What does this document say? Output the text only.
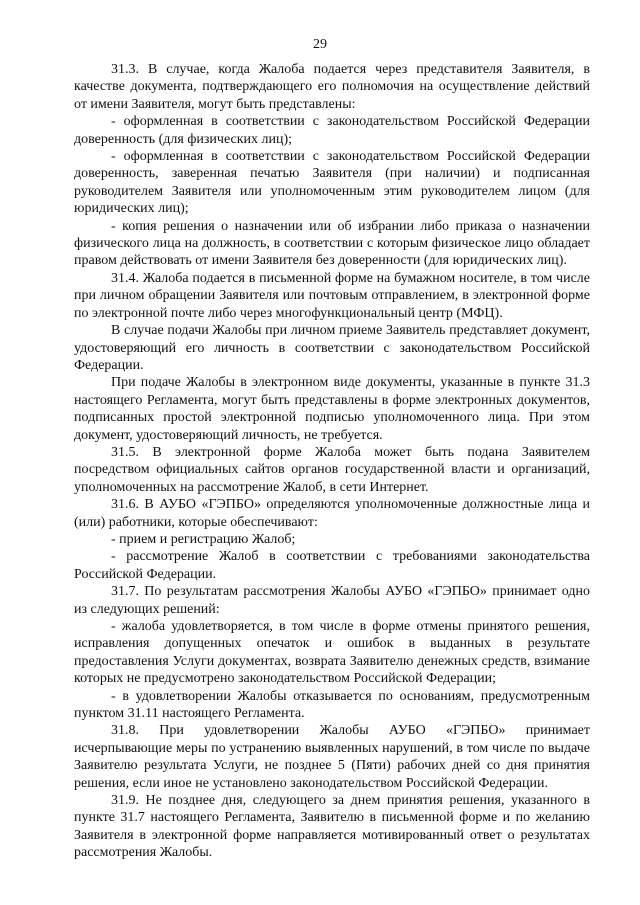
29

31.3. В случае, когда Жалоба подается через представителя Заявителя, в качестве документа, подтверждающего его полномочия на осуществление действий от имени Заявителя, могут быть представлены:

- оформленная в соответствии с законодательством Российской Федерации доверенность (для физических лиц);

- оформленная в соответствии с законодательством Российской Федерации доверенность, заверенная печатью Заявителя (при наличии) и подписанная руководителем Заявителя или уполномоченным этим руководителем лицом (для юридических лиц);

- копия решения о назначении или об избрании либо приказа о назначении физического лица на должность, в соответствии с которым физическое лицо обладает правом действовать от имени Заявителя без доверенности (для юридических лиц).

31.4. Жалоба подается в письменной форме на бумажном носителе, в том числе при личном обращении Заявителя или почтовым отправлением, в электронной форме по электронной почте либо через многофункциональный центр (МФЦ).

В случае подачи Жалобы при личном приеме Заявитель представляет документ, удостоверяющий его личность в соответствии с законодательством Российской Федерации.

При подаче Жалобы в электронном виде документы, указанные в пункте 31.3 настоящего Регламента, могут быть представлены в форме электронных документов, подписанных простой электронной подписью уполномоченного лица. При этом документ, удостоверяющий личность, не требуется.

31.5. В электронной форме Жалоба может быть подана Заявителем посредством официальных сайтов органов государственной власти и организаций, уполномоченных на рассмотрение Жалоб, в сети Интернет.

31.6. В АУБО «ГЭПБО» определяются уполномоченные должностные лица и (или) работники, которые обеспечивают:

- прием и регистрацию Жалоб;

- рассмотрение Жалоб в соответствии с требованиями законодательства Российской Федерации.

31.7. По результатам рассмотрения Жалобы АУБО «ГЭПБО» принимает одно из следующих решений:

- жалоба удовлетворяется, в том числе в форме отмены принятого решения, исправления допущенных опечаток и ошибок в выданных в результате предоставления Услуги документах, возврата Заявителю денежных средств, взимание которых не предусмотрено законодательством Российской Федерации;

- в удовлетворении Жалобы отказывается по основаниям, предусмотренным пунктом 31.11 настоящего Регламента.

31.8. При удовлетворении Жалобы АУБО «ГЭПБО» принимает исчерпывающие меры по устранению выявленных нарушений, в том числе по выдаче Заявителю результата Услуги, не позднее 5 (Пяти) рабочих дней со дня принятия решения, если иное не установлено законодательством Российской Федерации.

31.9. Не позднее дня, следующего за днем принятия решения, указанного в пункте 31.7 настоящего Регламента, Заявителю в письменной форме и по желанию Заявителя в электронной форме направляется мотивированный ответ о результатах рассмотрения Жалобы.
